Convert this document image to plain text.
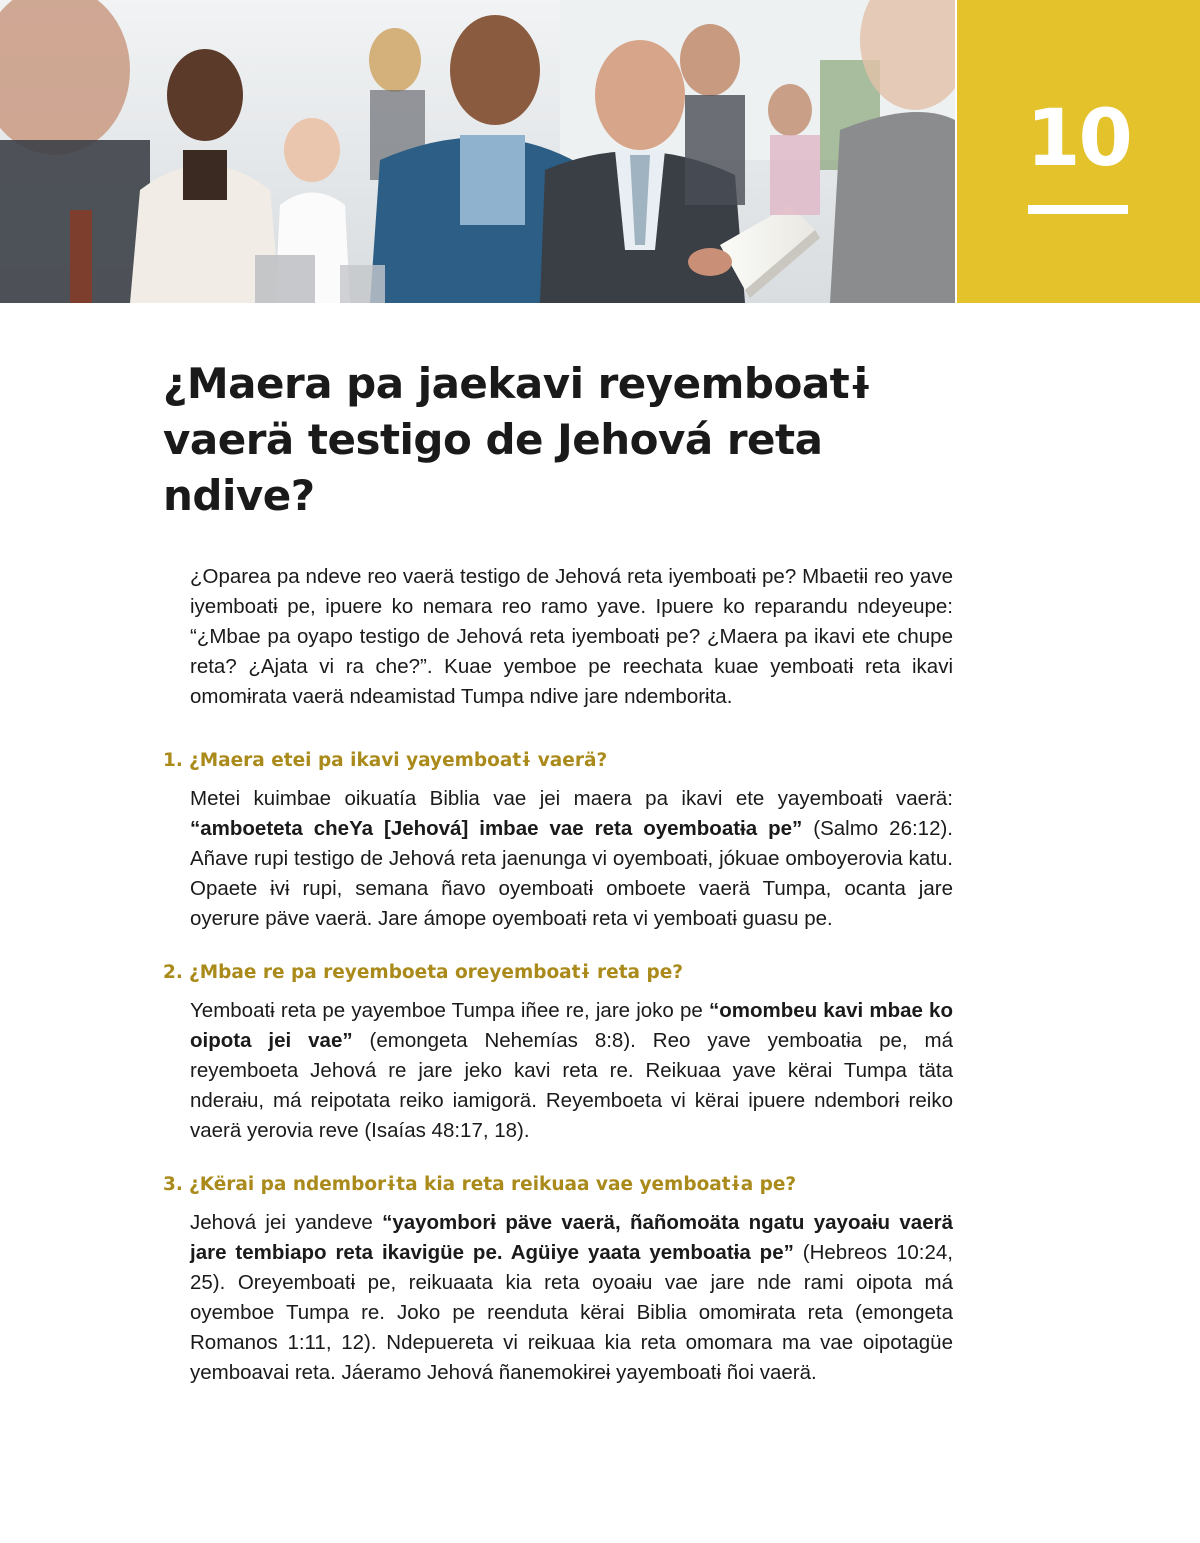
10
¿Maera pa jaekavi reyemboatɨ vaerä testigo de Jehová reta ndive?

¿Oparea pa ndeve reo vaerä testigo de Jehová reta iyemboatɨ pe? Mbaetɨi reo yave iyemboatɨ pe, ipuere ko nemara reo ramo yave. Ipuere ko reparandu ndeyeupe: “¿Mbae pa oyapo testigo de Jehová reta iyemboatɨ pe? ¿Maera pa ikavi ete chupe reta? ¿Ajata vi ra che?”. Kuae yemboe pe reechata kuae yemboatɨ reta ikavi omomɨrata vaerä ndeamistad Tumpa ndive jare ndemborɨta.

1. ¿Maera etei pa ikavi yayemboatɨ vaerä?

Metei kuimbae oikuatía Biblia vae jei maera pa ikavi ete yayemboatɨ vaerä: “amboeteta cheYa [Jehová] imbae vae reta oyemboatɨa pe” (Salmo 26:12). Añave rupi testigo de Jehová reta jaenunga vi oyemboatɨ, jókuae omboyerovia katu. Opaete ɨvɨ rupi, semana ñavo oyemboatɨ omboete vaerä Tumpa, ocanta jare oyerure päve vaerä. Jare ámope oyemboatɨ reta vi yemboatɨ guasu pe.

2. ¿Mbae re pa reyemboeta oreyemboatɨ reta pe?

Yemboatɨ reta pe yayemboe Tumpa iñee re, jare joko pe “omombeu kavi mbae ko oipota jei vae” (emongeta Nehemías 8:8). Reo yave yemboatɨa pe, má reyemboeta Jehová re jare jeko kavi reta re. Reikuaa yave kërai Tumpa täta nderaɨu, má reipotata reiko iamigorä. Reyemboeta vi kërai ipuere ndemborɨ reiko vaerä yerovia reve (Isaías 48:17, 18).

3. ¿Kërai pa ndemborɨta kia reta reikuaa vae yemboatɨa pe?

Jehová jei yandeve “yayomborɨ päve vaerä, ñañomoäta ngatu yayoaɨu vaerä jare tembiapo reta ikavigüe pe. Agüiye yaata yemboatɨa pe” (Hebreos 10:24, 25). Oreyemboatɨ pe, reikuaata kia reta oyoaɨu vae jare nde rami oipota má oyemboe Tumpa re. Joko pe reenduta kërai Biblia omomɨrata reta (emongeta Romanos 1:11, 12). Ndepuereta vi reikuaa kia reta omomara ma vae oipotagüe yemboavai reta. Jáeramo Jehová ñanemokɨreɨ yayemboatɨ ñoi vaerä.
